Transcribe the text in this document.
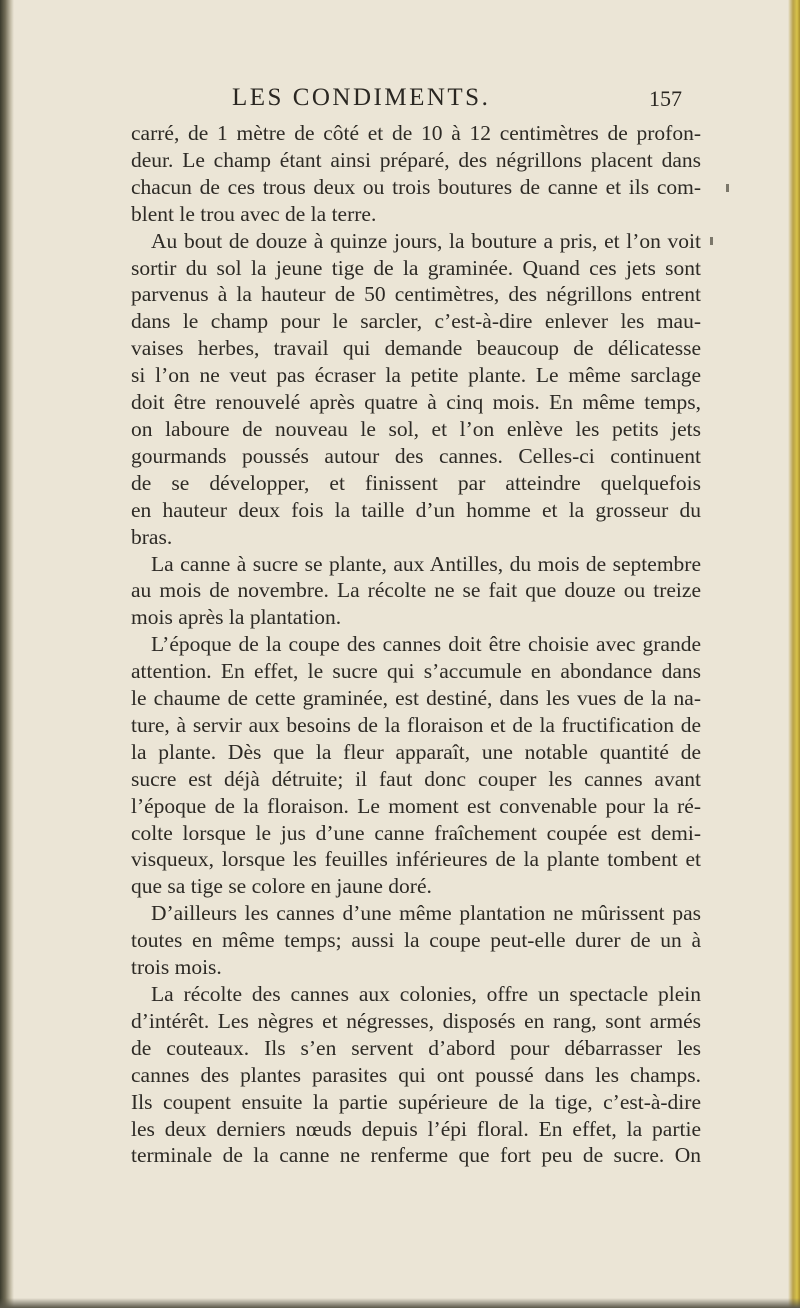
LES CONDIMENTS.	157
carré, de 1 mètre de côté et de 10 à 12 centimètres de profon-
deur. Le champ étant ainsi préparé, des négrillons placent dans
chacun de ces trous deux ou trois boutures de canne et ils com-
blent le trou avec de la terre.
Au bout de douze à quinze jours, la bouture a pris, et l’on voit
sortir du sol la jeune tige de la graminée. Quand ces jets sont
parvenus à la hauteur de 50 centimètres, des négrillons entrent
dans le champ pour le sarcler, c’est-à-dire enlever les mau-
vaises herbes, travail qui demande beaucoup de délicatesse
si l’on ne veut pas écraser la petite plante. Le même sarclage
doit être renouvelé après quatre à cinq mois. En même temps,
on laboure de nouveau le sol, et l’on enlève les petits jets
gourmands poussés autour des cannes. Celles-ci continuent
de se développer, et finissent par atteindre quelquefois
en hauteur deux fois la taille d’un homme et la grosseur du
bras.
La canne à sucre se plante, aux Antilles, du mois de septembre
au mois de novembre. La récolte ne se fait que douze ou treize
mois après la plantation.
L’époque de la coupe des cannes doit être choisie avec grande
attention. En effet, le sucre qui s’accumule en abondance dans
le chaume de cette graminée, est destiné, dans les vues de la na-
ture, à servir aux besoins de la floraison et de la fructification de
la plante. Dès que la fleur apparaît, une notable quantité de
sucre est déjà détruite; il faut donc couper les cannes avant
l’époque de la floraison. Le moment est convenable pour la ré-
colte lorsque le jus d’une canne fraîchement coupée est demi-
visqueux, lorsque les feuilles inférieures de la plante tombent et
que sa tige se colore en jaune doré.
D’ailleurs les cannes d’une même plantation ne mûrissent pas
toutes en même temps; aussi la coupe peut-elle durer de un à
trois mois.
La récolte des cannes aux colonies, offre un spectacle plein
d’intérêt. Les nègres et négresses, disposés en rang, sont armés
de couteaux. Ils s’en servent d’abord pour débarrasser les
cannes des plantes parasites qui ont poussé dans les champs.
Ils coupent ensuite la partie supérieure de la tige, c’est-à-dire
les deux derniers nœuds depuis l’épi floral. En effet, la partie
terminale de la canne ne renferme que fort peu de sucre. On
